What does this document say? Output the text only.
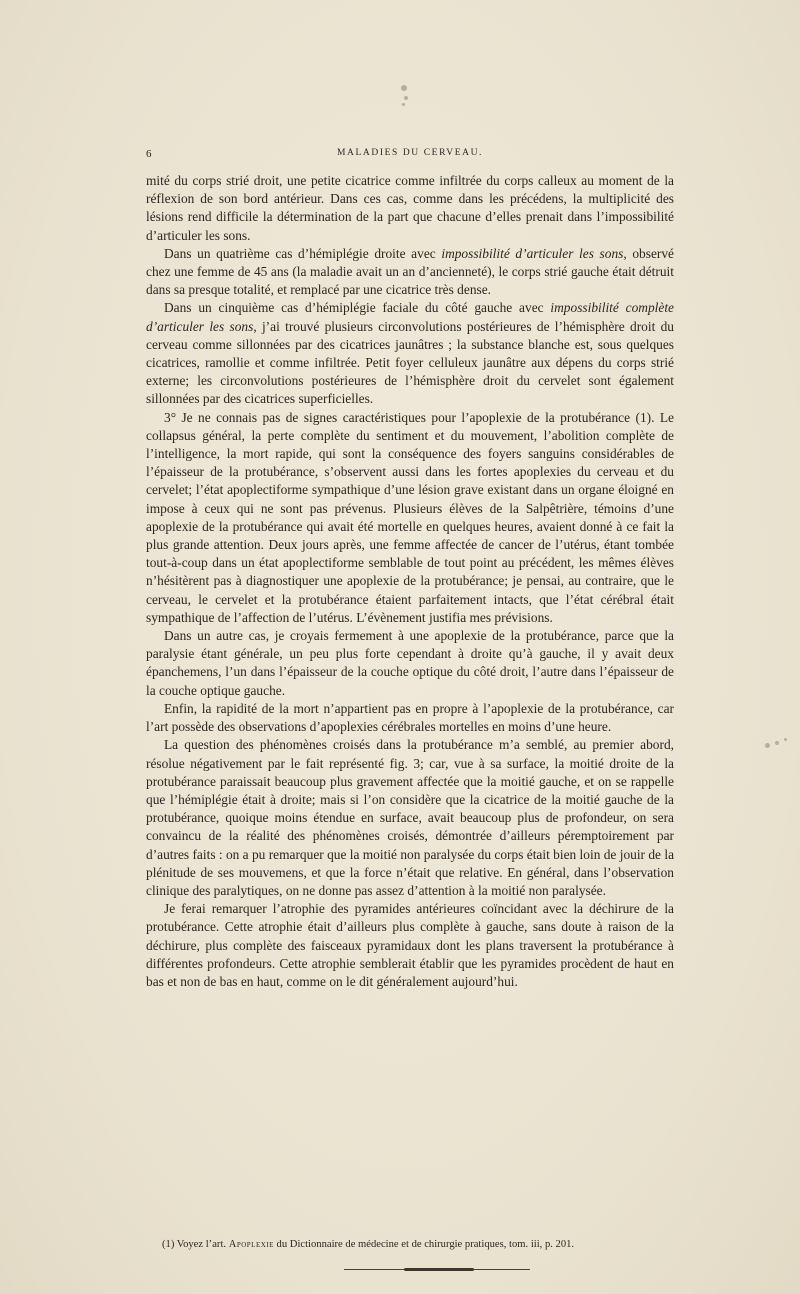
6	MALADIES DU CERVEAU.

mité du corps strié droit, une petite cicatrice comme infiltrée du corps calleux au moment de la réflexion de son bord antérieur. Dans ces cas, comme dans les précédens, la multiplicité des lésions rend difficile la détermination de la part que chacune d’elles prenait dans l’impossibilité d’articuler les sons.

Dans un quatrième cas d’hémiplégie droite avec impossibilité d’articuler les sons, observé chez une femme de 45 ans (la maladie avait un an d’ancienneté), le corps strié gauche était détruit dans sa presque totalité, et remplacé par une cicatrice très dense.

Dans un cinquième cas d’hémiplégie faciale du côté gauche avec impossibilité complète d’articuler les sons, j’ai trouvé plusieurs circonvolutions postérieures de l’hémisphère droit du cerveau comme sillonnées par des cicatrices jaunâtres ; la substance blanche est, sous quelques cicatrices, ramollie et comme infiltrée. Petit foyer celluleux jaunâtre aux dépens du corps strié externe; les circonvolutions postérieures de l’hémisphère droit du cervelet sont également sillonnées par des cicatrices superficielles.

3° Je ne connais pas de signes caractéristiques pour l’apoplexie de la protubérance (1). Le collapsus général, la perte complète du sentiment et du mouvement, l’abolition complète de l’intelligence, la mort rapide, qui sont la conséquence des foyers sanguins considérables de l’épaisseur de la protubérance, s’observent aussi dans les fortes apoplexies du cerveau et du cervelet; l’état apoplectiforme sympathique d’une lésion grave existant dans un organe éloigné en impose à ceux qui ne sont pas prévenus. Plusieurs élèves de la Salpêtrière, témoins d’une apoplexie de la protubérance qui avait été mortelle en quelques heures, avaient donné à ce fait la plus grande attention. Deux jours après, une femme affectée de cancer de l’utérus, étant tombée tout-à-coup dans un état apoplectiforme semblable de tout point au précédent, les mêmes élèves n’hésitèrent pas à diagnostiquer une apoplexie de la protubérance; je pensai, au contraire, que le cerveau, le cervelet et la protubérance étaient parfaitement intacts, que l’état cérébral était sympathique de l’affection de l’utérus. L’évènement justifia mes prévisions.

Dans un autre cas, je croyais fermement à une apoplexie de la protubérance, parce que la paralysie étant générale, un peu plus forte cependant à droite qu’à gauche, il y avait deux épanchemens, l’un dans l’épaisseur de la couche optique du côté droit, l’autre dans l’épaisseur de la couche optique gauche.

Enfin, la rapidité de la mort n’appartient pas en propre à l’apoplexie de la protubérance, car l’art possède des observations d’apoplexies cérébrales mortelles en moins d’une heure.

La question des phénomènes croisés dans la protubérance m’a semblé, au premier abord, résolue négativement par le fait représenté fig. 3; car, vue à sa surface, la moitié droite de la protubérance paraissait beaucoup plus gravement affectée que la moitié gauche, et on se rappelle que l’hémiplégie était à droite; mais si l’on considère que la cicatrice de la moitié gauche de la protubérance, quoique moins étendue en surface, avait beaucoup plus de profondeur, on sera convaincu de la réalité des phénomènes croisés, démontrée d’ailleurs péremptoirement par d’autres faits : on a pu remarquer que la moitié non paralysée du corps était bien loin de jouir de la plénitude de ses mouvemens, et que la force n’était que relative. En général, dans l’observation clinique des paralytiques, on ne donne pas assez d’attention à la moitié non paralysée.

Je ferai remarquer l’atrophie des pyramides antérieures coïncidant avec la déchirure de la protubérance. Cette atrophie était d’ailleurs plus complète à gauche, sans doute à raison de la déchirure, plus complète des faisceaux pyramidaux dont les plans traversent la protubérance à différentes profondeurs. Cette atrophie semblerait établir que les pyramides procèdent de haut en bas et non de bas en haut, comme on le dit généralement aujourd’hui.

(1) Voyez l’art. Apoplexie du Dictionnaire de médecine et de chirurgie pratiques, tom. iii, p. 201.
